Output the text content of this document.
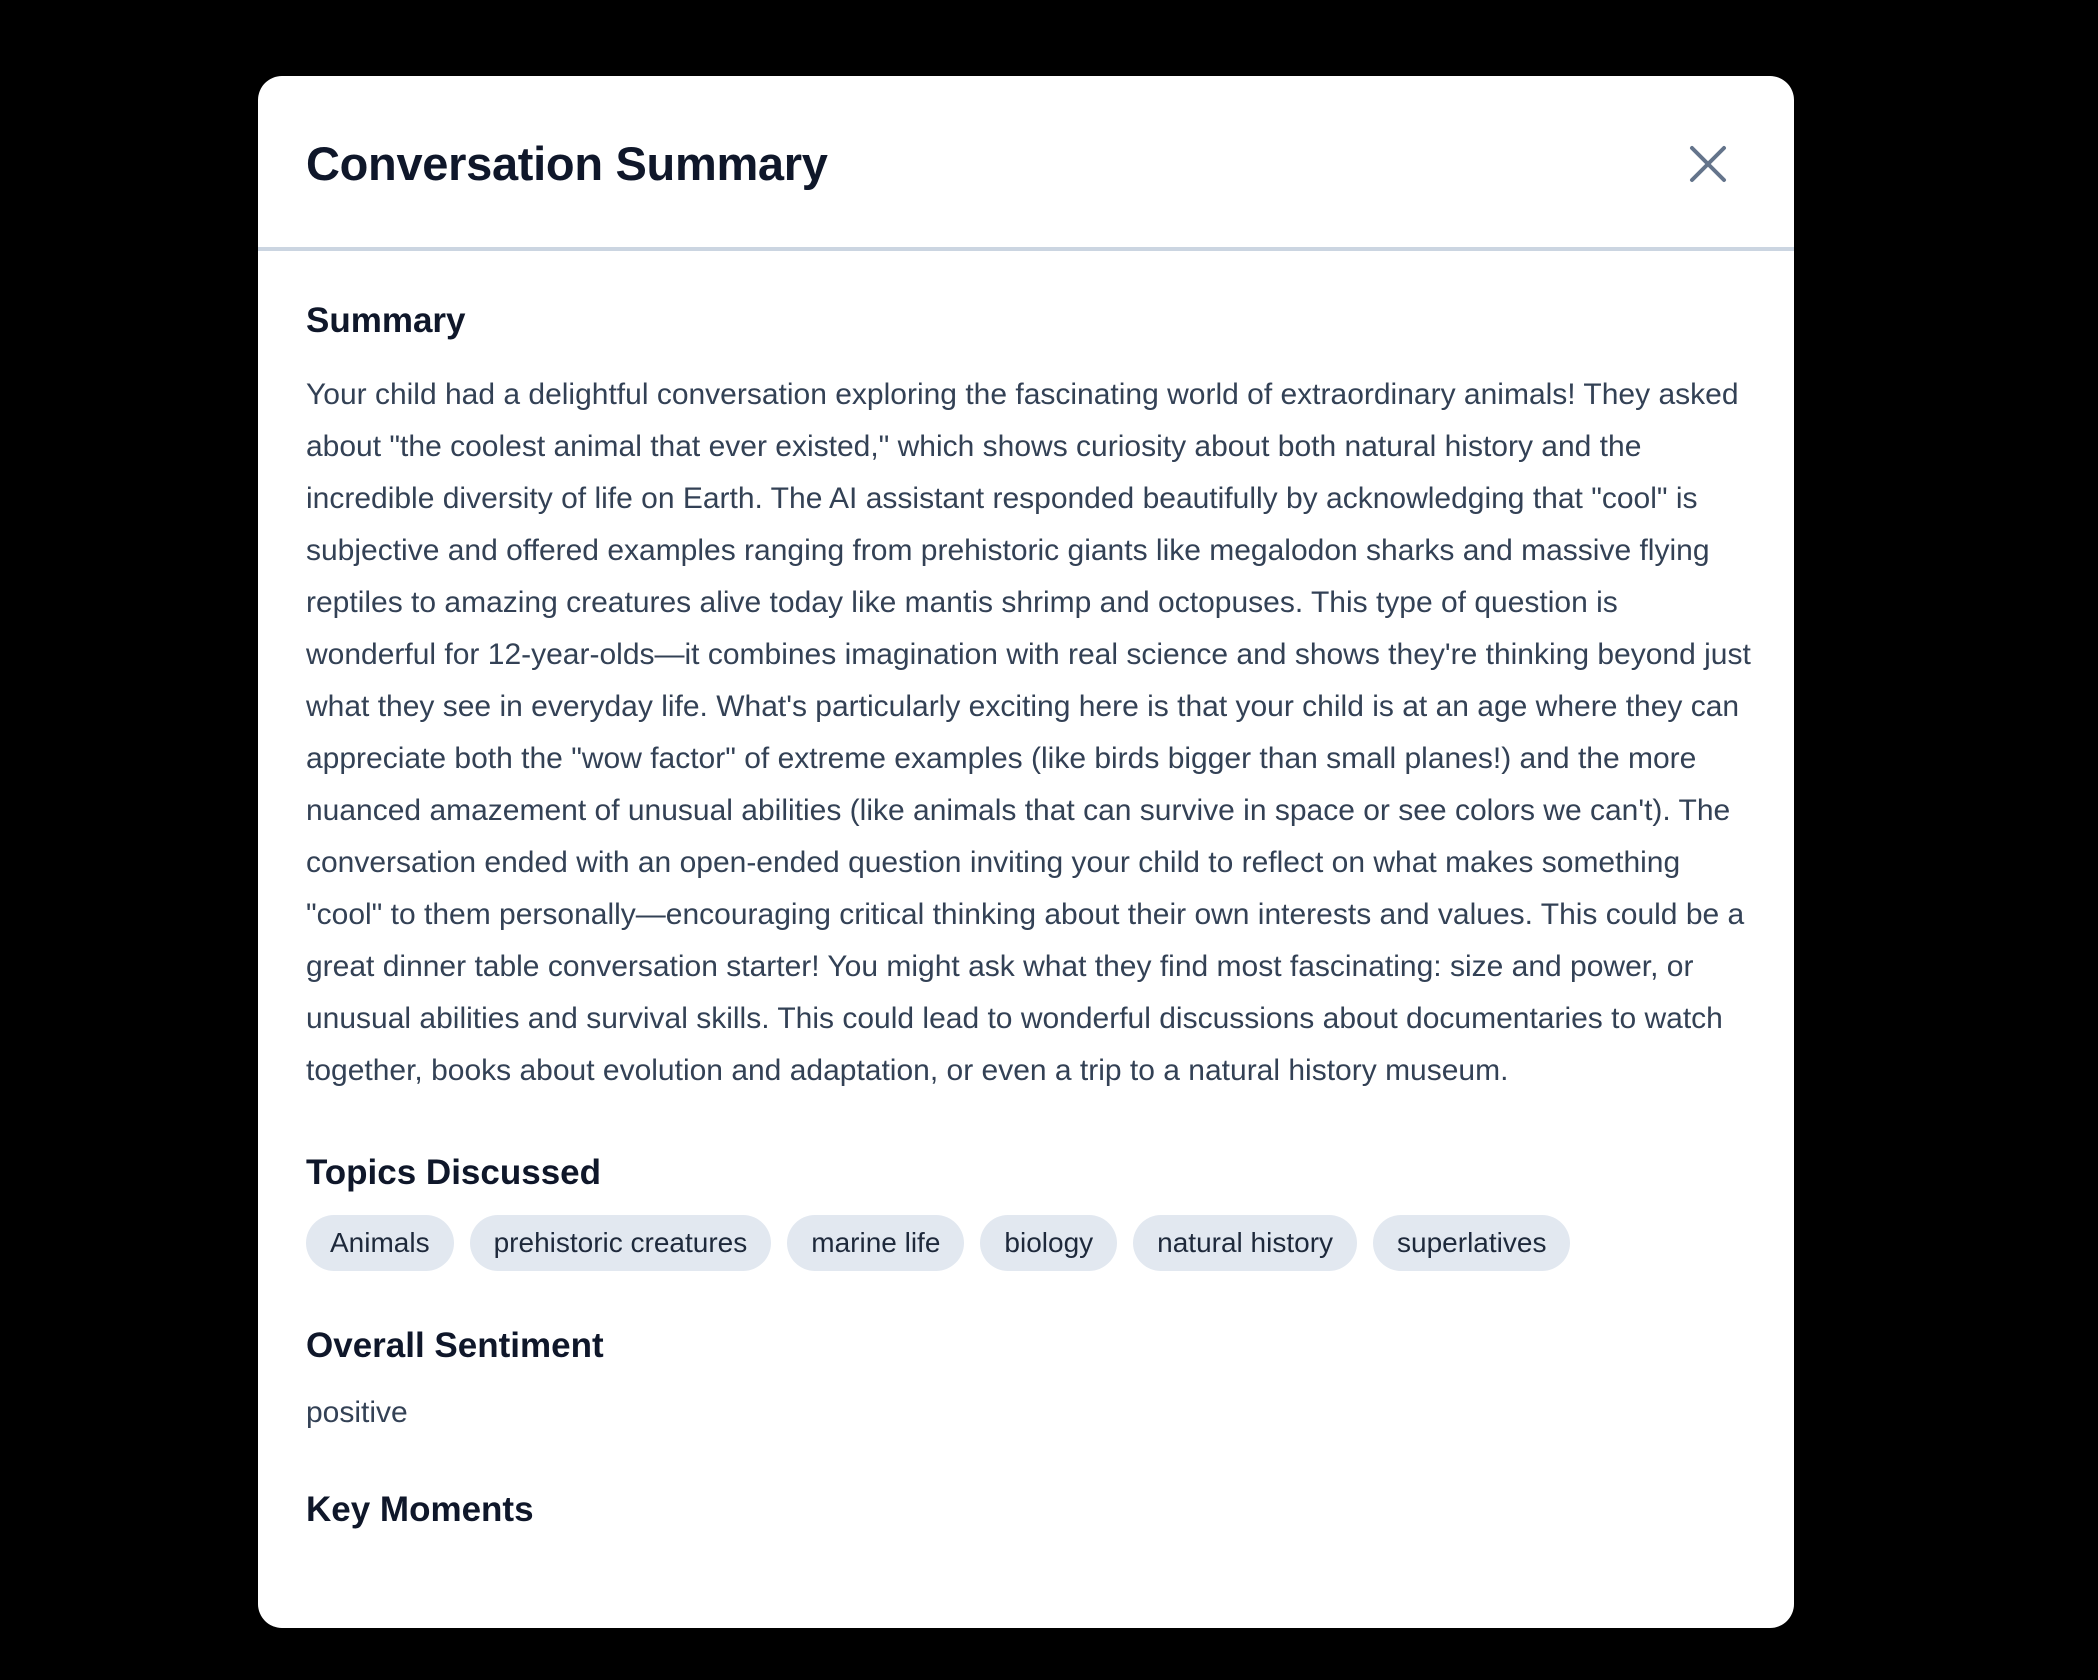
Conversation Summary
Summary

Your child had a delightful conversation exploring the fascinating world of extraordinary animals! They asked about "the coolest animal that ever existed," which shows curiosity about both natural history and the incredible diversity of life on Earth. The AI assistant responded beautifully by acknowledging that "cool" is subjective and offered examples ranging from prehistoric giants like megalodon sharks and massive flying reptiles to amazing creatures alive today like mantis shrimp and octopuses. This type of question is wonderful for 12-year-olds—it combines imagination with real science and shows they're thinking beyond just what they see in everyday life. What's particularly exciting here is that your child is at an age where they can appreciate both the "wow factor" of extreme examples (like birds bigger than small planes!) and the more nuanced amazement of unusual abilities (like animals that can survive in space or see colors we can't). The conversation ended with an open-ended question inviting your child to reflect on what makes something "cool" to them personally—encouraging critical thinking about their own interests and values. This could be a great dinner table conversation starter! You might ask what they find most fascinating: size and power, or unusual abilities and survival skills. This could lead to wonderful discussions about documentaries to watch together, books about evolution and adaptation, or even a trip to a natural history museum.

Topics Discussed
Animals	prehistoric creatures	marine life	biology	natural history	superlatives
Overall Sentiment
positive
Key Moments
